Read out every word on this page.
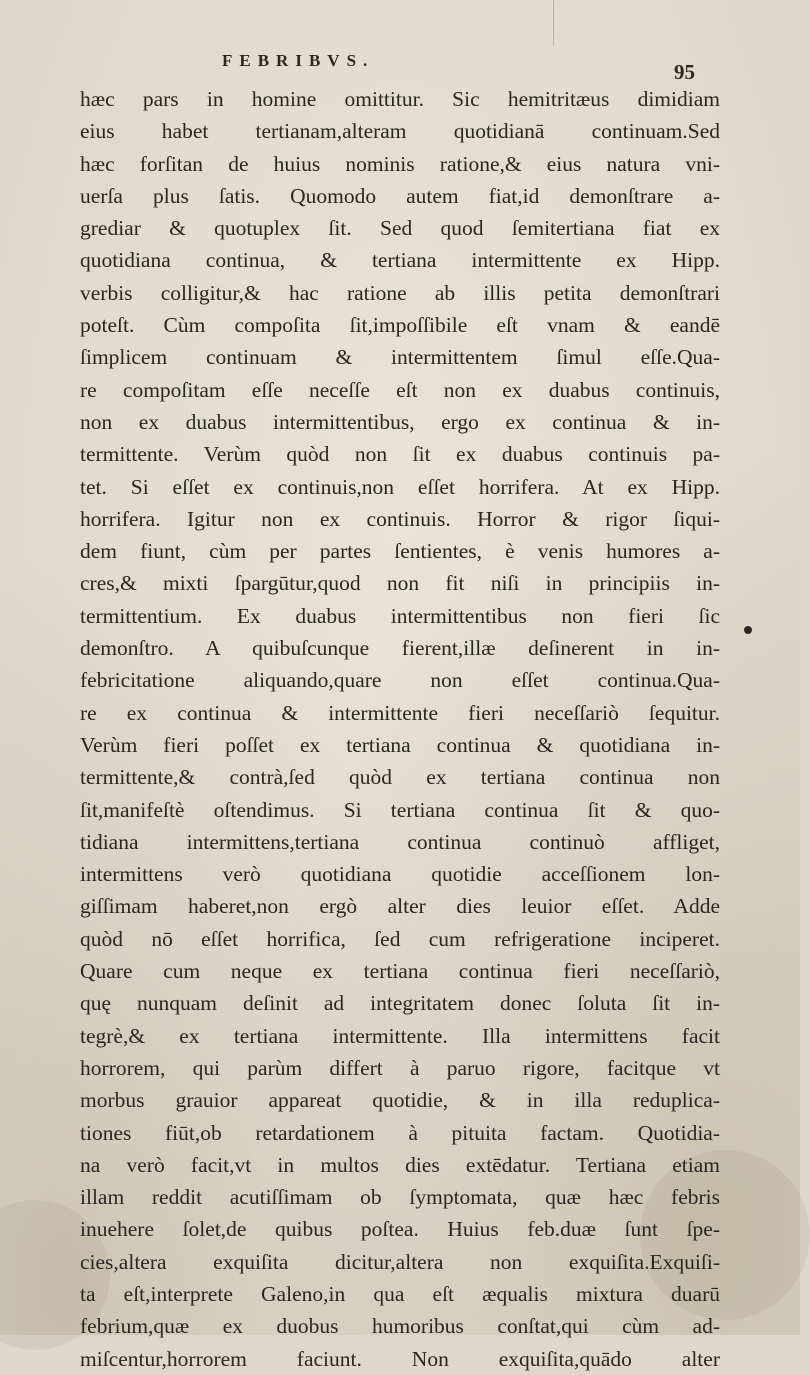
FEBRIBVS.	95
hæc pars in homine omittitur. Sic hemitritæus dimidiam
eius habet tertianam,alteram quotidianā continuam.Sed
hæc forſitan de huius nominis ratione,& eius natura vni-
uerſa plus ſatis. Quomodo autem fiat,id demonſtrare a-
grediar & quotuplex ſit. Sed quod ſemitertiana fiat ex
quotidiana continua, & tertiana intermittente ex Hipp.
verbis colligitur,& hac ratione ab illis petita demonſtrari
poteſt. Cùm compoſita ſit,impoſſibile eſt vnam & eandē
ſimplicem continuam & intermittentem ſimul eſſe.Qua-
re compoſitam eſſe neceſſe eſt non ex duabus continuis,
non ex duabus intermittentibus, ergo ex continua & in-
termittente. Verùm quòd non ſit ex duabus continuis pa-
tet. Si eſſet ex continuis,non eſſet horrifera. At ex Hipp.
horrifera. Igitur non ex continuis. Horror & rigor ſiqui-
dem fiunt, cùm per partes ſentientes, è venis humores a-
cres,& mixti ſpargūtur,quod non fit niſi in principiis in-
termittentium. Ex duabus intermittentibus non fieri ſic
demonſtro. A quibuſcunque fierent,illæ deſinerent in in-
febricitatione aliquando,quare non eſſet continua.Qua-
re ex continua & intermittente fieri neceſſariò ſequitur.
Verùm fieri poſſet ex tertiana continua & quotidiana in-
termittente,& contrà,ſed quòd ex tertiana continua non
ſit,manifeſtè oſtendimus. Si tertiana continua ſit & quo-
tidiana intermittens,tertiana continua continuò affliget,
intermittens verò quotidiana quotidie acceſſionem lon-
giſſimam haberet,non ergò alter dies leuior eſſet. Adde
quòd nō eſſet horrifica, ſed cum refrigeratione inciperet.
Quare cum neque ex tertiana continua fieri neceſſariò,
quę nunquam deſinit ad integritatem donec ſoluta ſit in-
tegrè,& ex tertiana intermittente. Illa intermittens facit
horrorem, qui parùm differt à paruo rigore, facitque vt
morbus grauior appareat quotidie, & in illa reduplica-
tiones fiūt,ob retardationem à pituita factam. Quotidia-
na verò facit,vt in multos dies extēdatur. Tertiana etiam
illam reddit acutiſſimam ob ſymptomata, quæ hæc febris
inuehere ſolet,de quibus poſtea. Huius feb.duæ ſunt ſpe-
cies,altera exquiſita dicitur,altera non exquiſita.Exquiſi-
ta eſt,interprete Galeno,in qua eſt æqualis mixtura duarū
febrium,quæ ex duobus humoribus conſtat,qui cùm ad-
miſcentur,horrorem faciunt. Non exquiſita,quādo alter
